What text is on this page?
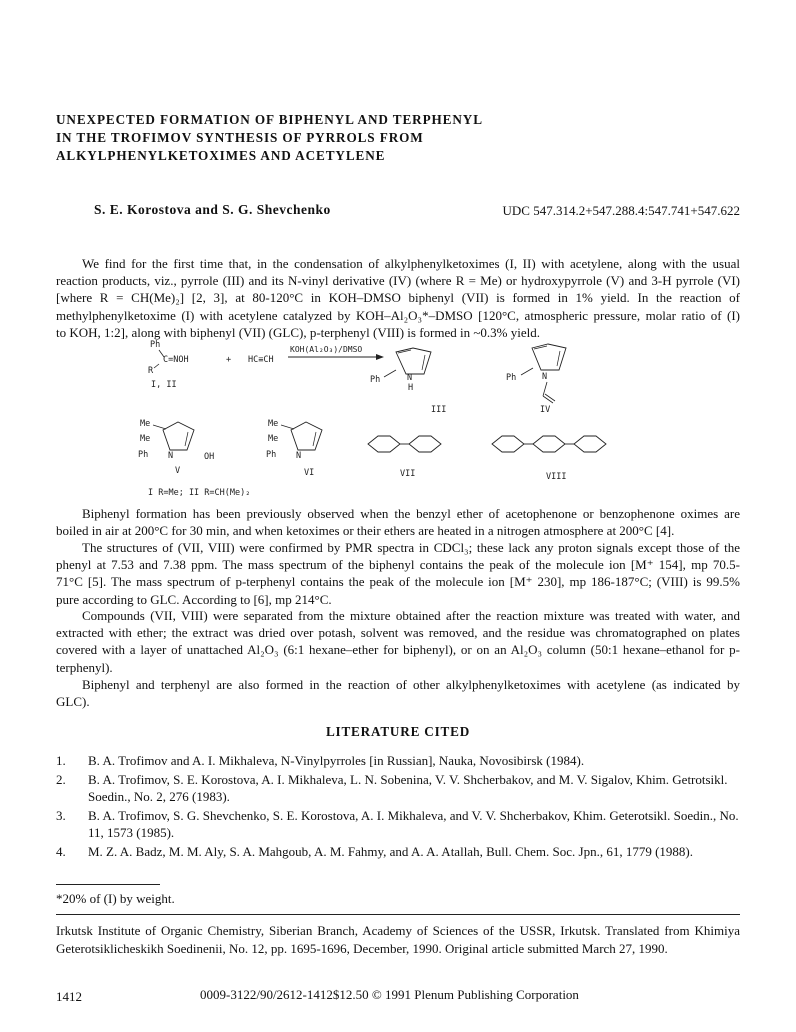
UNEXPECTED FORMATION OF BIPHENYL AND TERPHENYL
IN THE TROFIMOV SYNTHESIS OF PYRROLS FROM
ALKYLPHENYLKETOXIMES AND ACETYLENE
S. E. Korostova and S. G. Shevchenko	UDC 547.314.2+547.288.4:547.741+547.622
We find for the first time that, in the condensation of alkylphenylketoximes (I, II) with acetylene, along with the usual
reaction products, viz., pyrrole (III) and its N-vinyl derivative (IV) (where R = Me) or hydroxypyrrole (V) and 3-H pyrrole (VI)
[where R = CH(Me)₂] [2, 3], at 80-120°C in KOH–DMSO biphenyl (VII) is formed in 1% yield. In the reaction of
methylphenylketoxime (I) with acetylene catalyzed by KOH–Al₂O₃*–DMSO [120°C, atmospheric pressure, molar ratio of (I)
to KOH, 1:2], along with biphenyl (VII) (GLC), p-terphenyl (VIII) is formed in ~0.3% yield.
Ph
C=NOH
R
+ HC≡CH
I, II
KOH(Al₂O₃)/DMSO
Ph	N
H
III
Ph	N
IV
Me
Me
Ph N	OH
V
Me
Me
Ph N
VI	VII	VIII
I R=Me; II R=CH(Me)₂
Biphenyl formation has been previously observed when the benzyl ether of acetophenone or benzophenone oximes are
boiled in air at 200°C for 30 min, and when ketoximes or their ethers are heated in a nitrogen atmosphere at 200°C [4].
The structures of (VII, VIII) were confirmed by PMR spectra in CDCl₃; these lack any proton signals except those of the
phenyl at 7.53 and 7.38 ppm. The mass spectrum of the biphenyl contains the peak of the molecule ion [M⁺ 154], mp 70.5-
71°C [5]. The mass spectrum of p-terphenyl contains the peak of the molecule ion [M⁺ 230], mp 186-187°C; (VIII) is 99.5%
pure according to GLC. According to [6], mp 214°C.
Compounds (VII, VIII) were separated from the mixture obtained after the reaction mixture was treated with water, and
extracted with ether; the extract was dried over potash, solvent was removed, and the residue was chromatographed on plates
covered with a layer of unattached Al₂O₃ (6:1 hexane–ether for biphenyl), or on an Al₂O₃ column (50:1 hexane–ethanol for p-
terphenyl).
Biphenyl and terphenyl are also formed in the reaction of other alkylphenylketoximes with acetylene (as indicated by
GLC).
LITERATURE CITED
1. B. A. Trofimov and A. I. Mikhaleva, N-Vinylpyrroles [in Russian], Nauka, Novosibirsk (1984).
2. B. A. Trofimov, S. E. Korostova, A. I. Mikhaleva, L. N. Sobenina, V. V. Shcherbakov, and M. V. Sigalov, Khim. Getrotsikl. Soedin., No. 2, 276 (1983).
3. B. A. Trofimov, S. G. Shevchenko, S. E. Korostova, A. I. Mikhaleva, and V. V. Shcherbakov, Khim. Geterotsikl. Soedin., No. 11, 1573 (1985).
4. M. Z. A. Badz, M. M. Aly, S. A. Mahgoub, A. M. Fahmy, and A. A. Atallah, Bull. Chem. Soc. Jpn., 61, 1779 (1988).
*20% of (I) by weight.
Irkutsk Institute of Organic Chemistry, Siberian Branch, Academy of Sciences of the USSR, Irkutsk. Translated from Khimiya Geterotsiklicheskikh Soedinenii, No. 12, pp. 1695-1696, December, 1990. Original article submitted March 27, 1990.
1412	0009-3122/90/2612-1412$12.50 © 1991 Plenum Publishing Corporation
